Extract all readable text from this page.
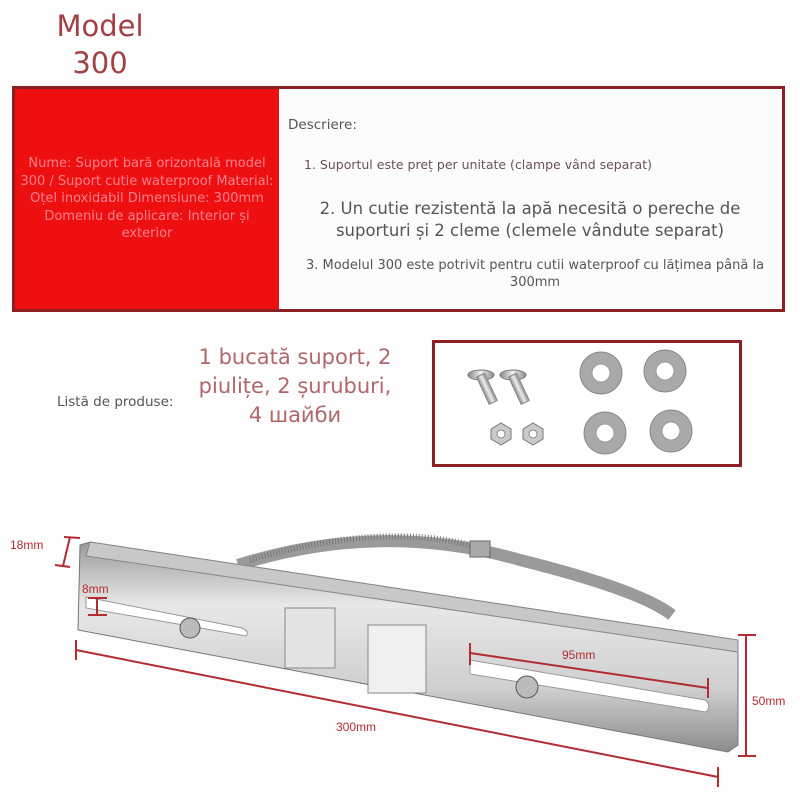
Model
300

Nume: Suport bară orizontală model 300 / Suport cutie waterproof Material: Oțel inoxidabil Dimensiune: 300mm Domeniu de aplicare: Interior și exterior

Descriere:
1. Suportul este preț per unitate (clampe vând separat)
2. Un cutie rezistentă la apă necesită o pereche de suporturi și 2 cleme (clemele vândute separat)
3. Modelul 300 este potrivit pentru cutii waterproof cu lățimea până la 300mm
Listă de produse:
1 bucată suport, 2 piulițe, 2 șuruburi, 4 шайби
18mm
8mm
95mm
300mm
50mm
